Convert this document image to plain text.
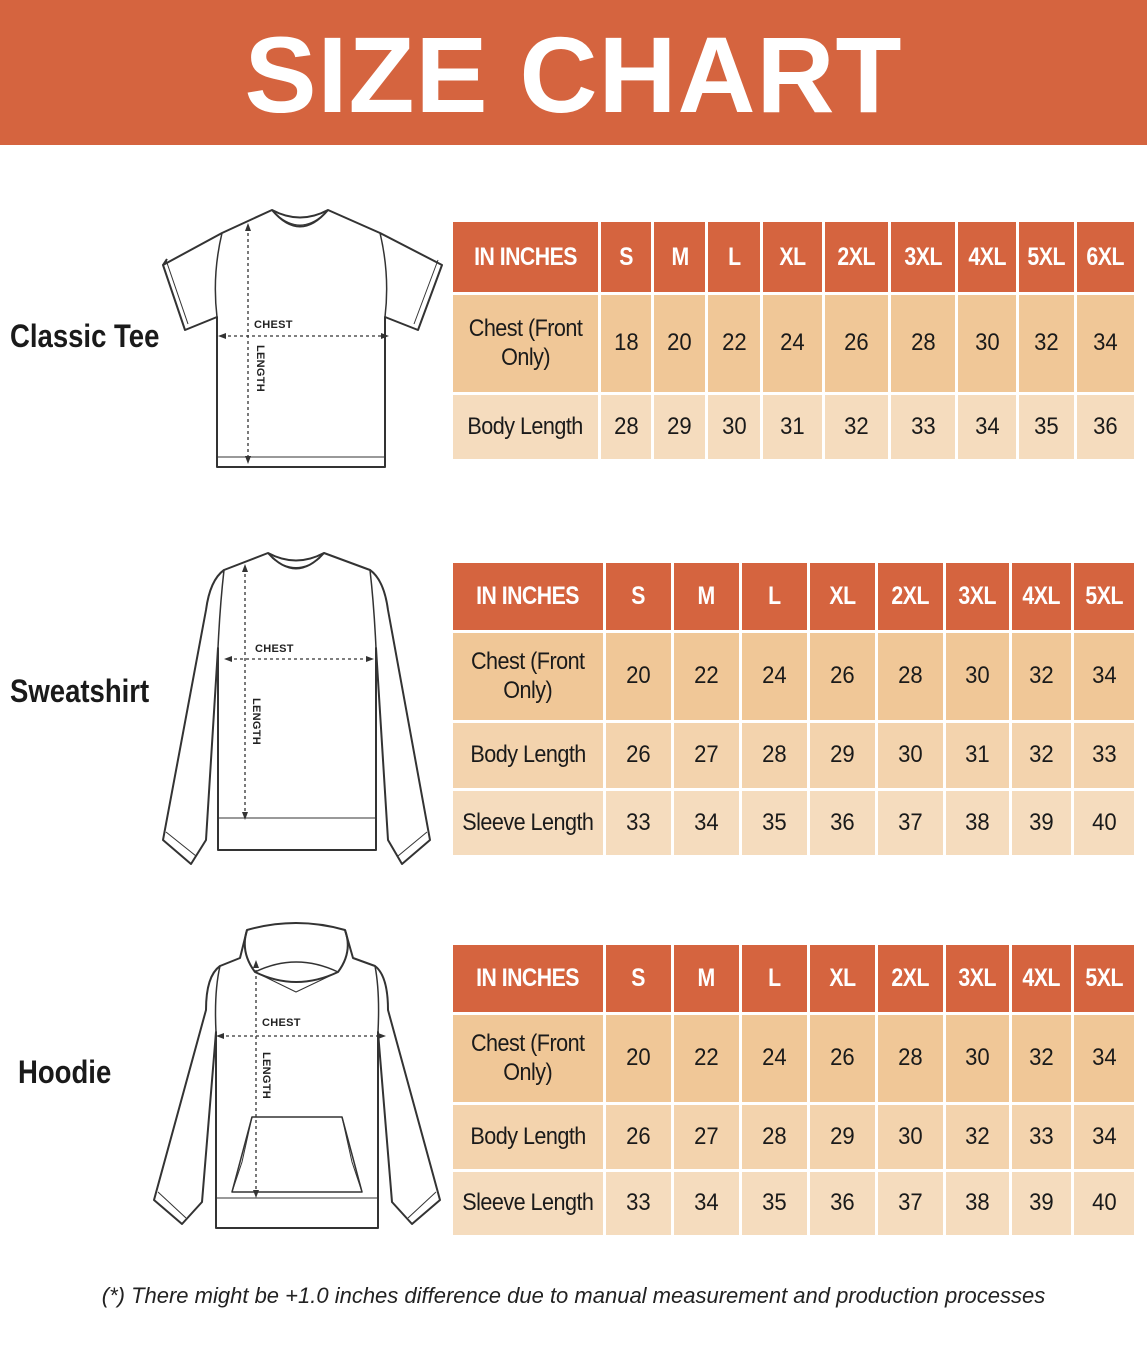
SIZE CHART
Classic Tee	CHEST
LENGTH
IN INCHES	S	M	L	XL	2XL	3XL	4XL	5XL	6XL
Chest (Front Only)	18	20	22	24	26	28	30	32	34
Body Length	28	29	30	31	32	33	34	35	36
Sweatshirt
CHEST
LENGTH
IN INCHES	S	M	L	XL	2XL	3XL	4XL	5XL
Chest (Front Only)	20	22	24	26	28	30	32	34
Body Length	26	27	28	29	30	31	32	33
Sleeve Length	33	34	35	36	37	38	39	40
Hoodie
CHEST
LENGTH
IN INCHES	S	M	L	XL	2XL	3XL	4XL	5XL
Chest (Front Only)	20	22	24	26	28	30	32	34
Body Length	26	27	28	29	30	32	33	34
Sleeve Length	33	34	35	36	37	38	39	40
(*) There might be +1.0 inches difference due to manual measurement and production processes
